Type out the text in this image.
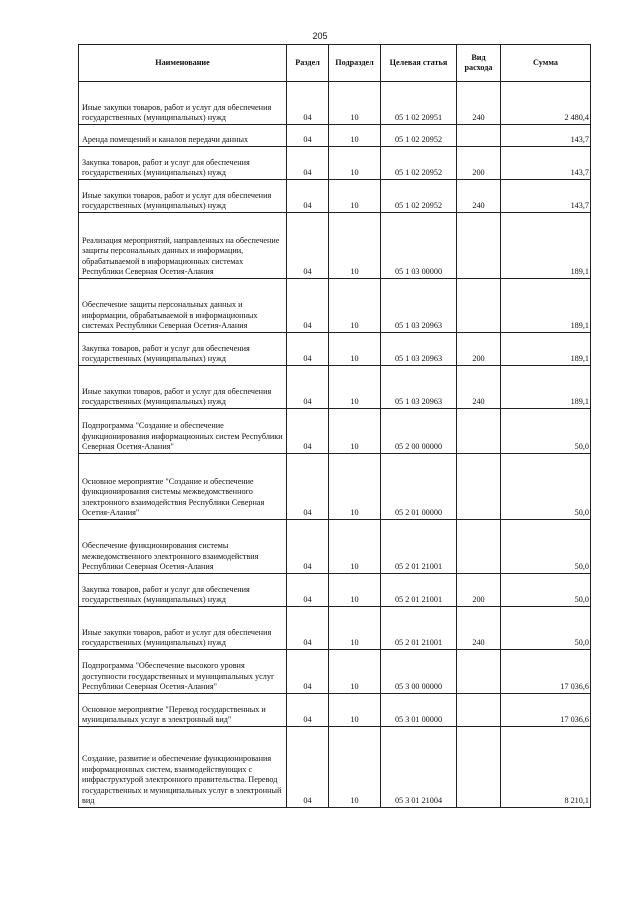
205
Наименование	Раздел	Подраздел	Целевая статья	Вид расхода	Сумма
Иные закупки товаров, работ и услуг для обеспечения государственных (муниципальных) нужд	04	10	05 1 02 20951	240	2 480,4
Аренда помещений и каналов передачи данных	04	10	05 1 02 20952		143,7
Закупка товаров, работ и услуг для обеспечения государственных (муниципальных) нужд	04	10	05 1 02 20952	200	143,7
Иные закупки товаров, работ и услуг для обеспечения государственных (муниципальных) нужд	04	10	05 1 02 20952	240	143,7
Реализация мероприятий, направленных на обеспечение защиты персональных данных и информации, обрабатываемой в информационных системах Республики Северная Осетия-Алания	04	10	05 1 03 00000		189,1
Обеспечение защиты персональных данных и информации, обрабатываемой в информационных системах Республики Северная Осетия-Алания	04	10	05 1 03 20963		189,1
Закупка товаров, работ и услуг для обеспечения государственных (муниципальных) нужд	04	10	05 1 03 20963	200	189,1
Иные закупки товаров, работ и услуг для обеспечения государственных (муниципальных) нужд	04	10	05 1 03 20963	240	189,1
Подпрограмма "Создание и обеспечение функционирования информационных систем Республики Северная Осетия-Алания"	04	10	05 2 00 00000		50,0
Основное мероприятие "Создание и обеспечение функционирования системы межведомственного электронного взаимодействия Республики Северная Осетия-Алания"	04	10	05 2 01 00000		50,0
Обеспечение функционирования системы межведомственного электронного взаимодействия Республики Северная Осетия-Алания	04	10	05 2 01 21001		50,0
Закупка товаров, работ и услуг для обеспечения государственных (муниципальных) нужд	04	10	05 2 01 21001	200	50,0
Иные закупки товаров, работ и услуг для обеспечения государственных (муниципальных) нужд	04	10	05 2 01 21001	240	50,0
Подпрограмма "Обеспечение высокого уровня доступности государственных и муниципальных услуг Республики Северная Осетия-Алания"	04	10	05 3 00 00000		17 036,6
Основное мероприятие "Перевод государственных и муниципальных услуг в электронный вид"	04	10	05 3 01 00000		17 036,6
Создание, развитие и обеспечение функционирования информационных систем, взаимодействующих с инфраструктурой электронного правительства. Перевод государственных и муниципальных услуг в электронный вид	04	10	05 3 01 21004		8 210,1
